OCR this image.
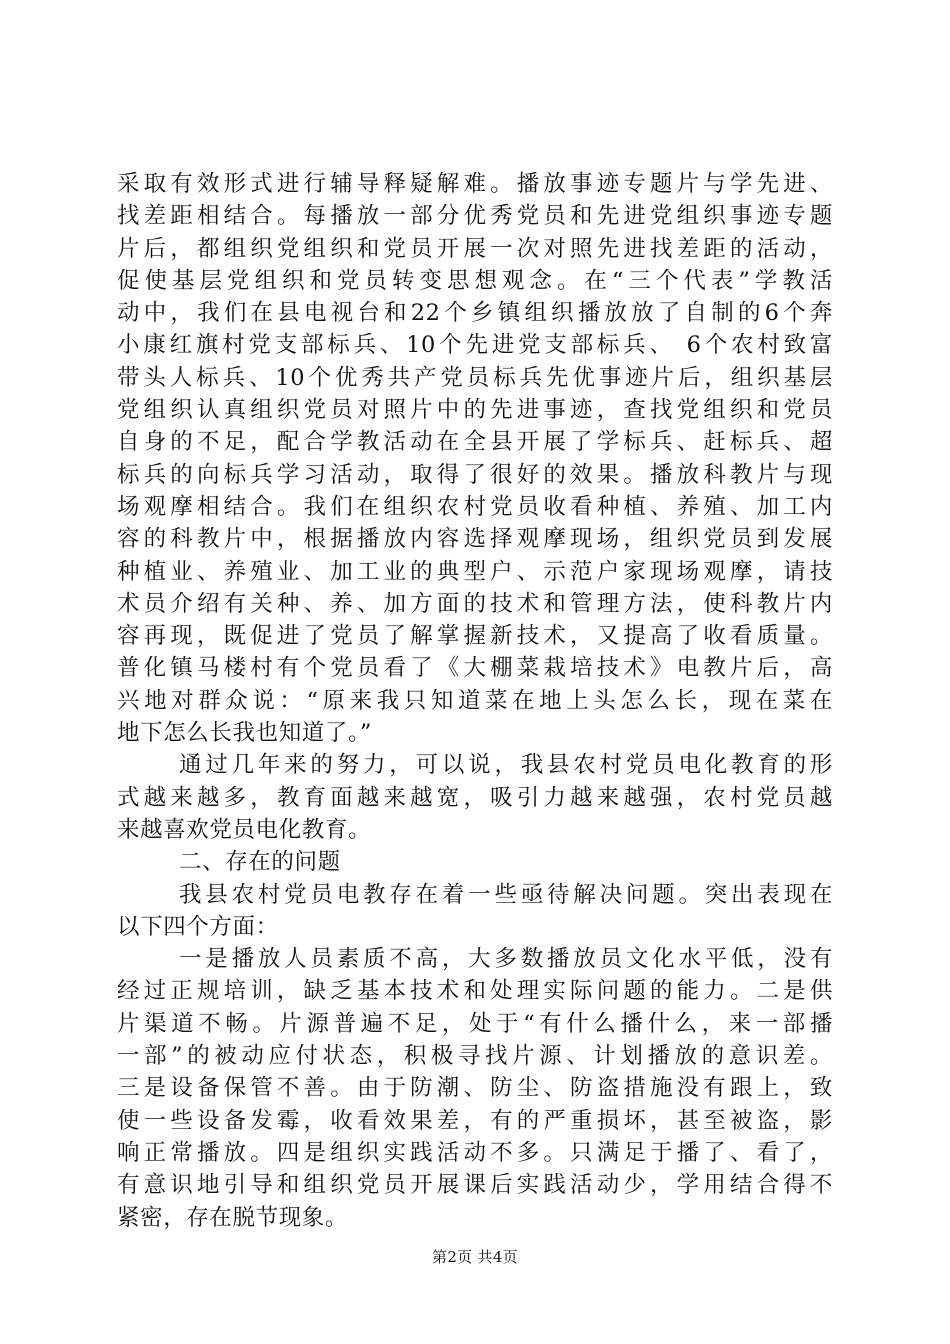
采取有效形式进行辅导释疑解难。播放事迹专题片与学先进、
找差距相结合。每播放一部分优秀党员和先进党组织事迹专题
片后，都组织党组织和党员开展一次对照先进找差距的活动，
促使基层党组织和党员转变思想观念。在“三个代表”学教活
动中，我们在县电视台和22个乡镇组织播放放了自制的6个奔
小康红旗村党支部标兵、10个先进党支部标兵、 6个农村致富
带头人标兵、10个优秀共产党员标兵先优事迹片后，组织基层
党组织认真组织党员对照片中的先进事迹，查找党组织和党员
自身的不足，配合学教活动在全县开展了学标兵、赶标兵、超
标兵的向标兵学习活动，取得了很好的效果。播放科教片与现
场观摩相结合。我们在组织农村党员收看种植、养殖、加工内
容的科教片中，根据播放内容选择观摩现场，组织党员到发展
种植业、养殖业、加工业的典型户、示范户家现场观摩，请技
术员介绍有关种、养、加方面的技术和管理方法，使科教片内
容再现，既促进了党员了解掌握新技术，又提高了收看质量。
普化镇马楼村有个党员看了《大棚菜栽培技术》电教片后，高
兴地对群众说：“原来我只知道菜在地上头怎么长，现在菜在
地下怎么长我也知道了。”
通过几年来的努力，可以说，我县农村党员电化教育的形
式越来越多，教育面越来越宽，吸引力越来越强，农村党员越
来越喜欢党员电化教育。
二、存在的问题
我县农村党员电教存在着一些亟待解决问题。突出表现在
以下四个方面：
一是播放人员素质不高，大多数播放员文化水平低，没有
经过正规培训，缺乏基本技术和处理实际问题的能力。二是供
片渠道不畅。片源普遍不足，处于“有什么播什么，来一部播
一部”的被动应付状态，积极寻找片源、计划播放的意识差。
三是设备保管不善。由于防潮、防尘、防盗措施没有跟上，致
使一些设备发霉，收看效果差，有的严重损坏，甚至被盗，影
响正常播放。四是组织实践活动不多。只满足于播了、看了，
有意识地引导和组织党员开展课后实践活动少，学用结合得不
紧密，存在脱节现象。
第2页 共4页
